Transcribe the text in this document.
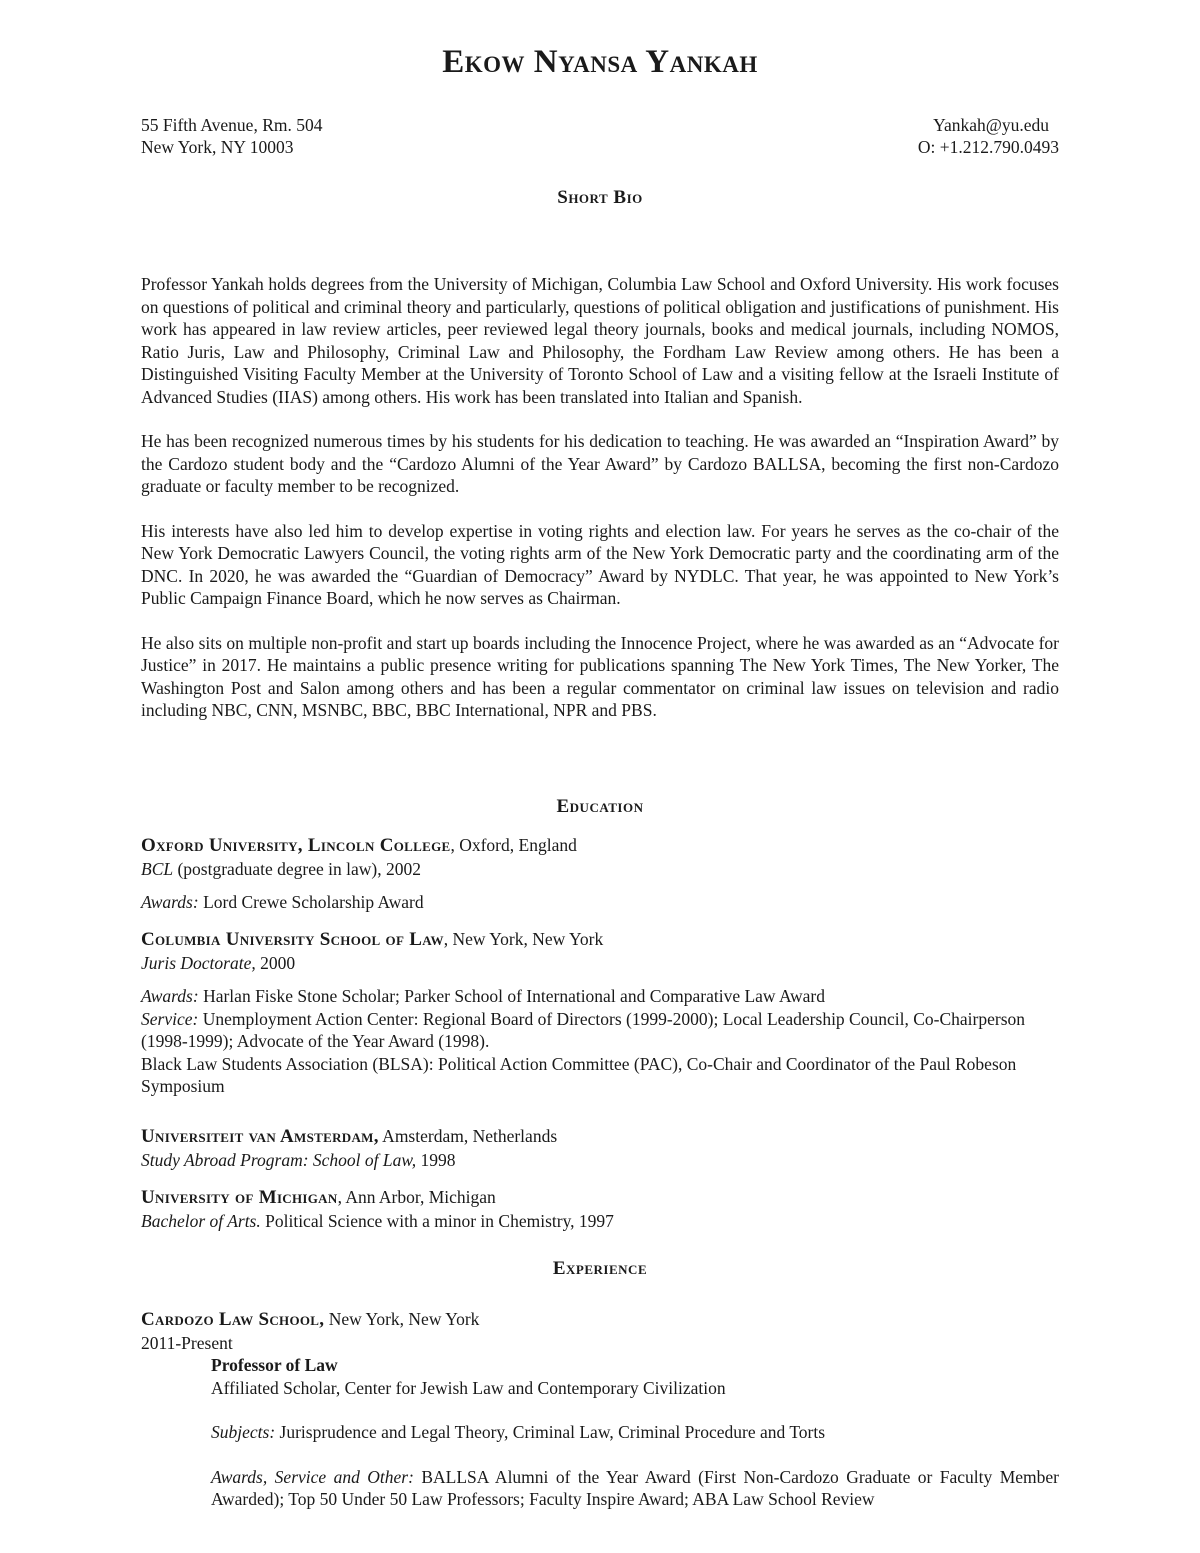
Ekow Nyansa Yankah
55 Fifth Avenue, Rm. 504
New York, NY 10003
Yankah@yu.edu
O: +1.212.790.0493
Short Bio

Professor Yankah holds degrees from the University of Michigan, Columbia Law School and Oxford University. His work focuses on questions of political and criminal theory and particularly, questions of political obligation and justifications of punishment. His work has appeared in law review articles, peer reviewed legal theory journals, books and medical journals, including NOMOS, Ratio Juris, Law and Philosophy, Criminal Law and Philosophy, the Fordham Law Review among others. He has been a Distinguished Visiting Faculty Member at the University of Toronto School of Law and a visiting fellow at the Israeli Institute of Advanced Studies (IIAS) among others. His work has been translated into Italian and Spanish.

He has been recognized numerous times by his students for his dedication to teaching. He was awarded an “Inspiration Award” by the Cardozo student body and the “Cardozo Alumni of the Year Award” by Cardozo BALLSA, becoming the first non-Cardozo graduate or faculty member to be recognized.

His interests have also led him to develop expertise in voting rights and election law. For years he serves as the co-chair of the New York Democratic Lawyers Council, the voting rights arm of the New York Democratic party and the coordinating arm of the DNC. In 2020, he was awarded the “Guardian of Democracy” Award by NYDLC. That year, he was appointed to New York’s Public Campaign Finance Board, which he now serves as Chairman.

He also sits on multiple non-profit and start up boards including the Innocence Project, where he was awarded as an “Advocate for Justice” in 2017. He maintains a public presence writing for publications spanning The New York Times, The New Yorker, The Washington Post and Salon among others and has been a regular commentator on criminal law issues on television and radio including NBC, CNN, MSNBC, BBC, BBC International, NPR and PBS.

Education
Oxford University, Lincoln College, Oxford, England
BCL (postgraduate degree in law), 2002
Awards: Lord Crewe Scholarship Award
Columbia University School of Law, New York, New York
Juris Doctorate, 2000
Awards: Harlan Fiske Stone Scholar; Parker School of International and Comparative Law Award
Service: Unemployment Action Center: Regional Board of Directors (1999-2000); Local Leadership Council, Co-Chairperson (1998-1999); Advocate of the Year Award (1998).
Black Law Students Association (BLSA): Political Action Committee (PAC), Co-Chair and Coordinator of the Paul Robeson Symposium
Universiteit van Amsterdam, Amsterdam, Netherlands
Study Abroad Program: School of Law, 1998
University of Michigan, Ann Arbor, Michigan
Bachelor of Arts. Political Science with a minor in Chemistry, 1997
Experience
Cardozo Law School, New York, New York
2011-Present
Professor of Law
Affiliated Scholar, Center for Jewish Law and Contemporary Civilization
Subjects: Jurisprudence and Legal Theory, Criminal Law, Criminal Procedure and Torts
Awards, Service and Other: BALLSA Alumni of the Year Award (First Non-Cardozo Graduate or Faculty Member Awarded); Top 50 Under 50 Law Professors; Faculty Inspire Award; ABA Law School Review
